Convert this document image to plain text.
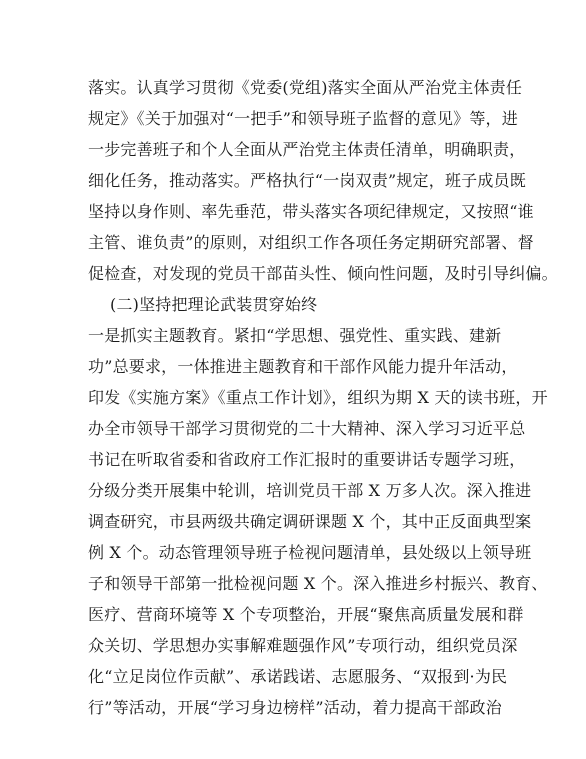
落实。认真学习贯彻《党委(党组)落实全面从严治党主体责任
规定》《关于加强对“一把手”和领导班子监督的意见》等，进
一步完善班子和个人全面从严治党主体责任清单，明确职责，
细化任务，推动落实。严格执行“一岗双责”规定，班子成员既
坚持以身作则、率先垂范，带头落实各项纪律规定，又按照“谁
主管、谁负责”的原则，对组织工作各项任务定期研究部署、督
促检查，对发现的党员干部苗头性、倾向性问题，及时引导纠偏。
(二)坚持把理论武装贯穿始终
一是抓实主题教育。紧扣“学思想、强党性、重实践、建新
功”总要求，一体推进主题教育和干部作风能力提升年活动，
印发《实施方案》《重点工作计划》，组织为期 X 天的读书班，开
办全市领导干部学习贯彻党的二十大精神、深入学习习近平总
书记在听取省委和省政府工作汇报时的重要讲话专题学习班，
分级分类开展集中轮训，培训党员干部 X 万多人次。深入推进
调查研究，市县两级共确定调研课题 X 个，其中正反面典型案
例 X 个。动态管理领导班子检视问题清单，县处级以上领导班
子和领导干部第一批检视问题 X 个。深入推进乡村振兴、教育、
医疗、营商环境等 X 个专项整治，开展“聚焦高质量发展和群
众关切、学思想办实事解难题强作风”专项行动，组织党员深
化“立足岗位作贡献”、承诺践诺、志愿服务、“双报到·为民
行”等活动，开展“学习身边榜样”活动，着力提高干部政治
